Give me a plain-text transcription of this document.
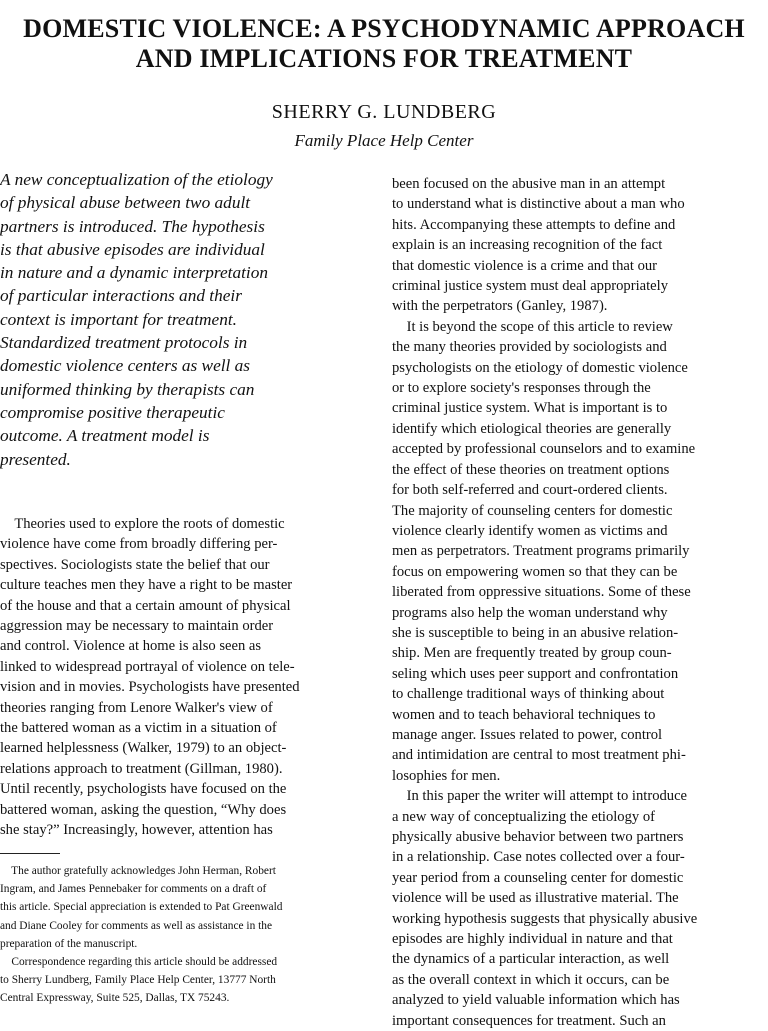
DOMESTIC VIOLENCE: A PSYCHODYNAMIC APPROACH
AND IMPLICATIONS FOR TREATMENT
SHERRY G. LUNDBERG
Family Place Help Center
A new conceptualization of the etiology
of physical abuse between two adult
partners is introduced. The hypothesis
is that abusive episodes are individual
in nature and a dynamic interpretation
of particular interactions and their
context is important for treatment.
Standardized treatment protocols in
domestic violence centers as well as
uniformed thinking by therapists can
compromise positive therapeutic
outcome. A treatment model is
presented.
Theories used to explore the roots of domestic
violence have come from broadly differing per-
spectives. Sociologists state the belief that our
culture teaches men they have a right to be master
of the house and that a certain amount of physical
aggression may be necessary to maintain order
and control. Violence at home is also seen as
linked to widespread portrayal of violence on tele-
vision and in movies. Psychologists have presented
theories ranging from Lenore Walker's view of
the battered woman as a victim in a situation of
learned helplessness (Walker, 1979) to an object-
relations approach to treatment (Gillman, 1980).
Until recently, psychologists have focused on the
battered woman, asking the question, “Why does
she stay?” Increasingly, however, attention has
The author gratefully acknowledges John Herman, Robert
Ingram, and James Pennebaker for comments on a draft of
this article. Special appreciation is extended to Pat Greenwald
and Diane Cooley for comments as well as assistance in the
preparation of the manuscript.
Correspondence regarding this article should be addressed
to Sherry Lundberg, Family Place Help Center, 13777 North
Central Expressway, Suite 525, Dallas, TX 75243.
been focused on the abusive man in an attempt
to understand what is distinctive about a man who
hits. Accompanying these attempts to define and
explain is an increasing recognition of the fact
that domestic violence is a crime and that our
criminal justice system must deal appropriately
with the perpetrators (Ganley, 1987).
It is beyond the scope of this article to review
the many theories provided by sociologists and
psychologists on the etiology of domestic violence
or to explore society's responses through the
criminal justice system. What is important is to
identify which etiological theories are generally
accepted by professional counselors and to examine
the effect of these theories on treatment options
for both self-referred and court-ordered clients.
The majority of counseling centers for domestic
violence clearly identify women as victims and
men as perpetrators. Treatment programs primarily
focus on empowering women so that they can be
liberated from oppressive situations. Some of these
programs also help the woman understand why
she is susceptible to being in an abusive relation-
ship. Men are frequently treated by group coun-
seling which uses peer support and confrontation
to challenge traditional ways of thinking about
women and to teach behavioral techniques to
manage anger. Issues related to power, control
and intimidation are central to most treatment phi-
losophies for men.
In this paper the writer will attempt to introduce
a new way of conceptualizing the etiology of
physically abusive behavior between two partners
in a relationship. Case notes collected over a four-
year period from a counseling center for domestic
violence will be used as illustrative material. The
working hypothesis suggests that physically abusive
episodes are highly individual in nature and that
the dynamics of a particular interaction, as well
as the overall context in which it occurs, can be
analyzed to yield valuable information which has
important consequences for treatment. Such an
